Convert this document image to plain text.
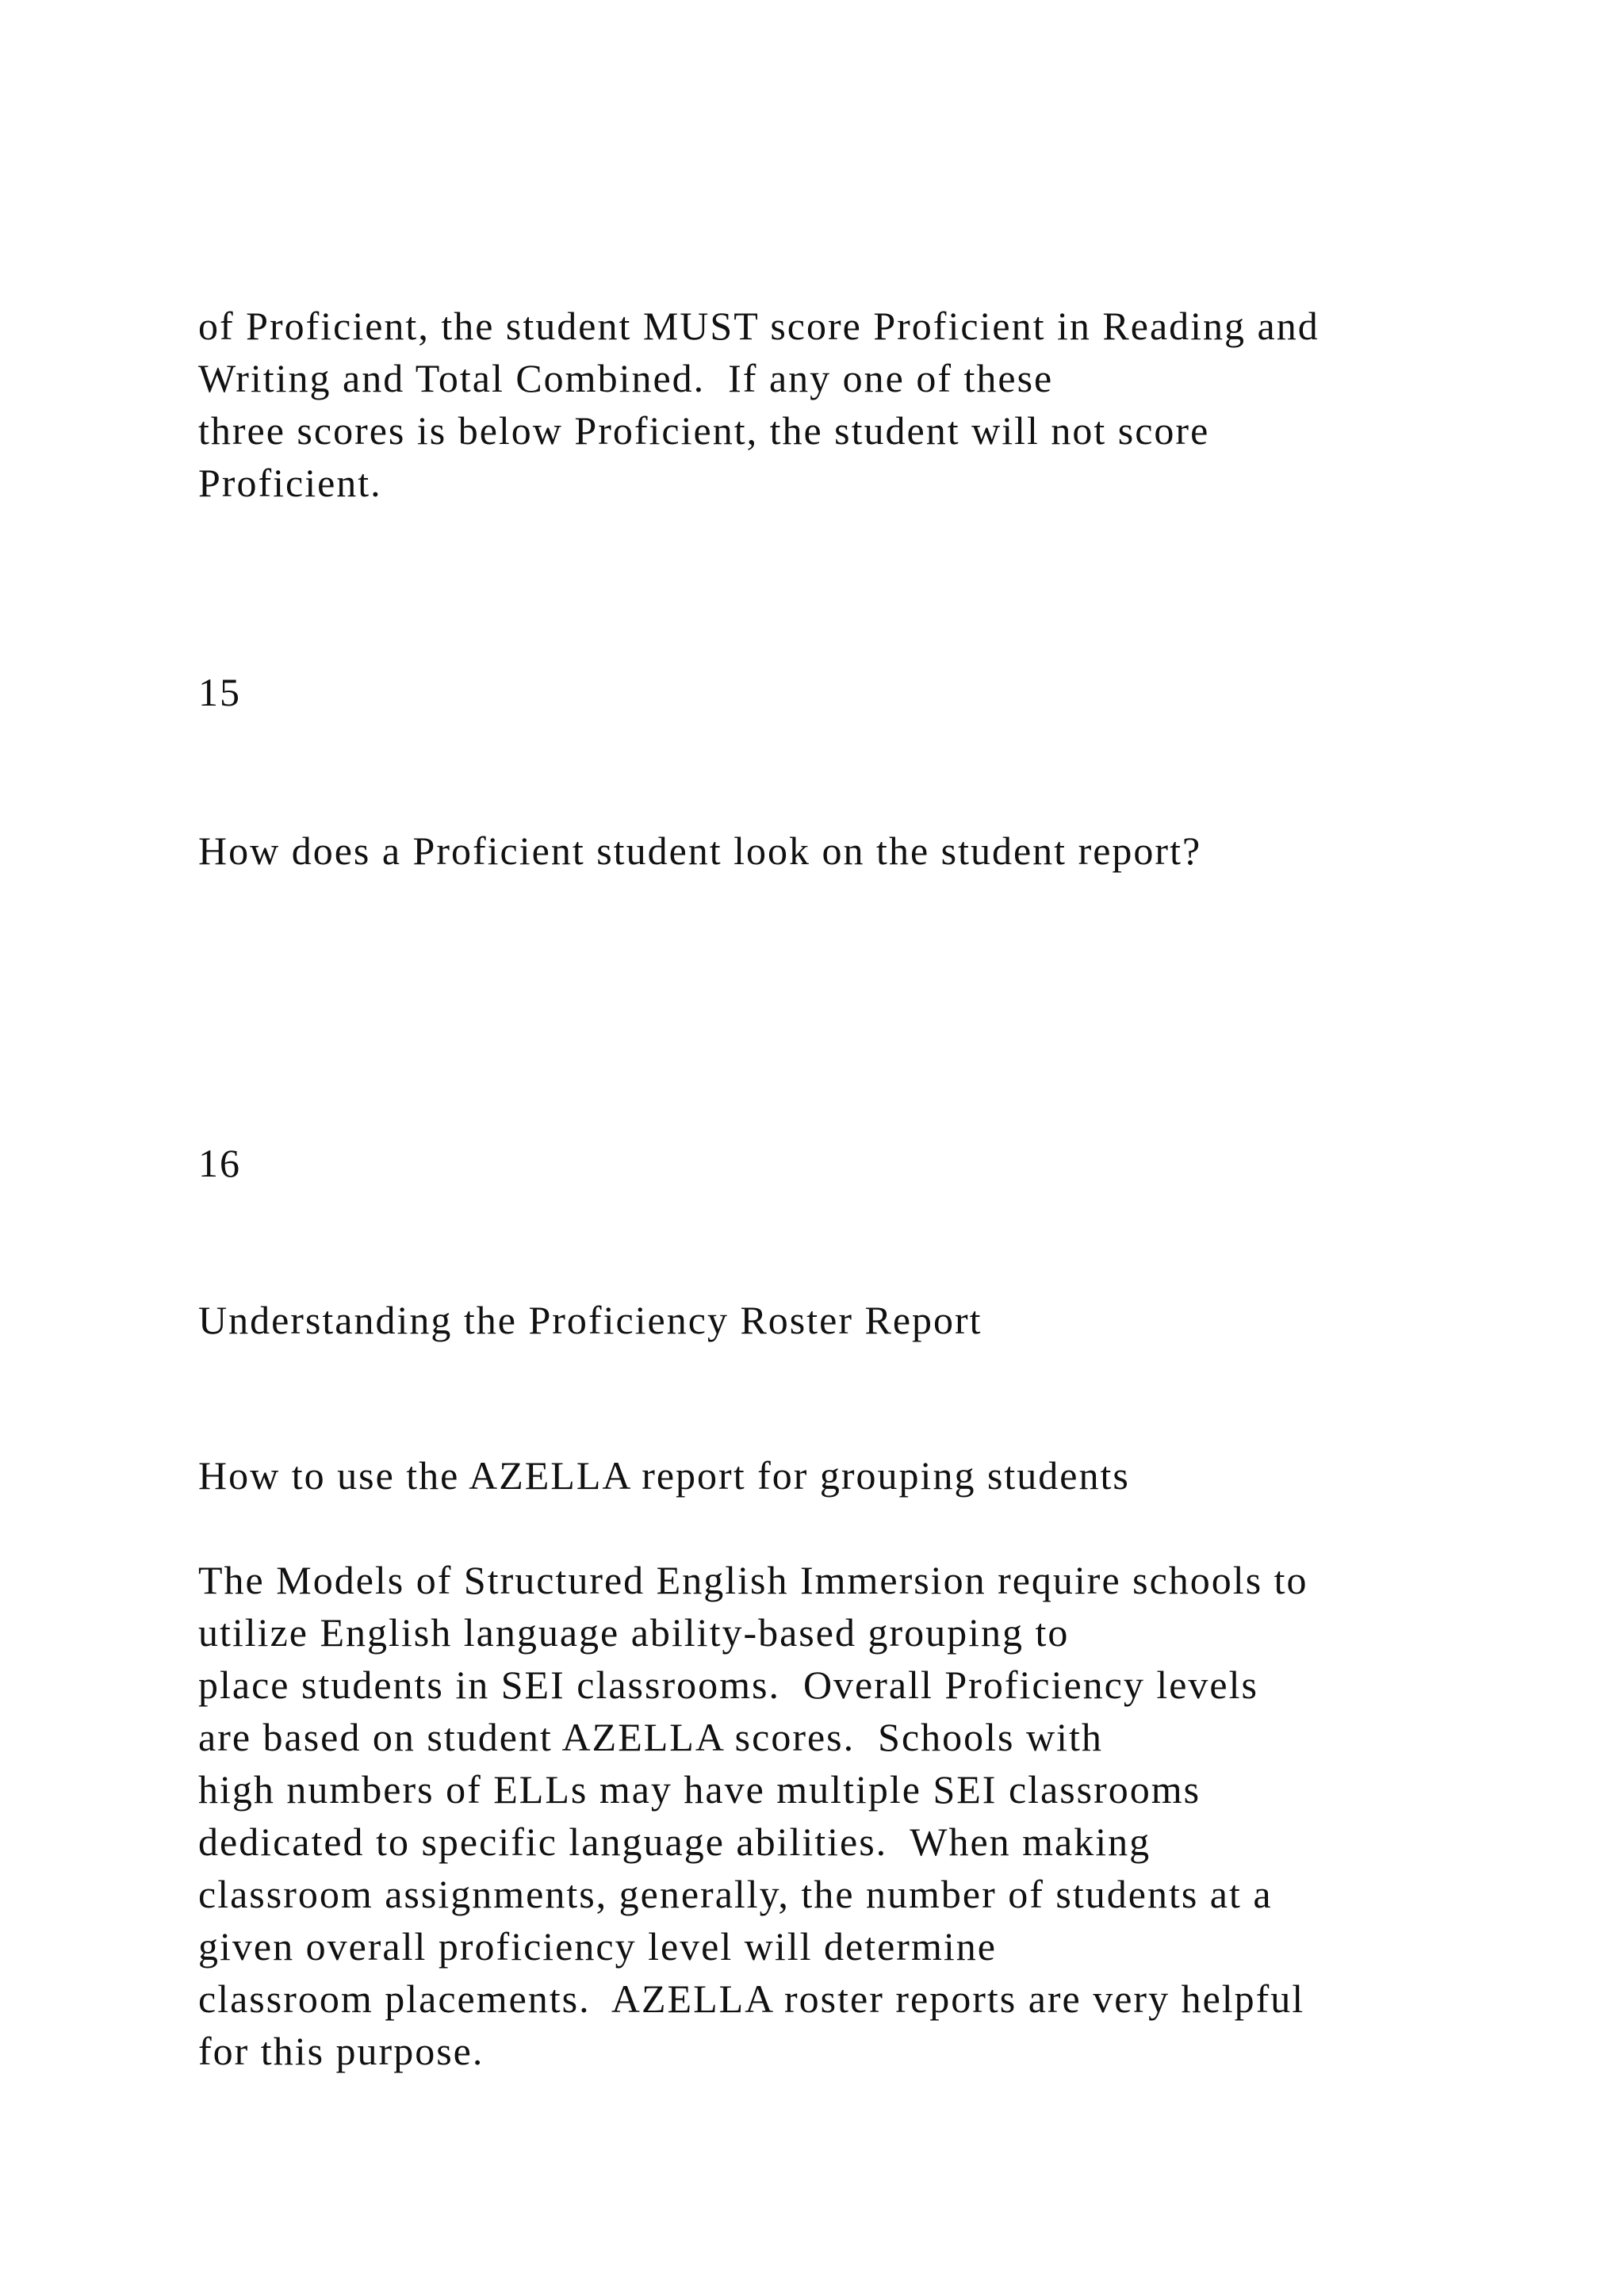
of Proficient, the student MUST score Proficient in Reading and
Writing and Total Combined.  If any one of these
three scores is below Proficient, the student will not score
Proficient.
15
How does a Proficient student look on the student report?
16
Understanding the Proficiency Roster Report
How to use the AZELLA report for grouping students
The Models of Structured English Immersion require schools to
utilize English language ability-based grouping to
place students in SEI classrooms.  Overall Proficiency levels
are based on student AZELLA scores.  Schools with
high numbers of ELLs may have multiple SEI classrooms
dedicated to specific language abilities.  When making
classroom assignments, generally, the number of students at a
given overall proficiency level will determine
classroom placements.  AZELLA roster reports are very helpful
for this purpose.
